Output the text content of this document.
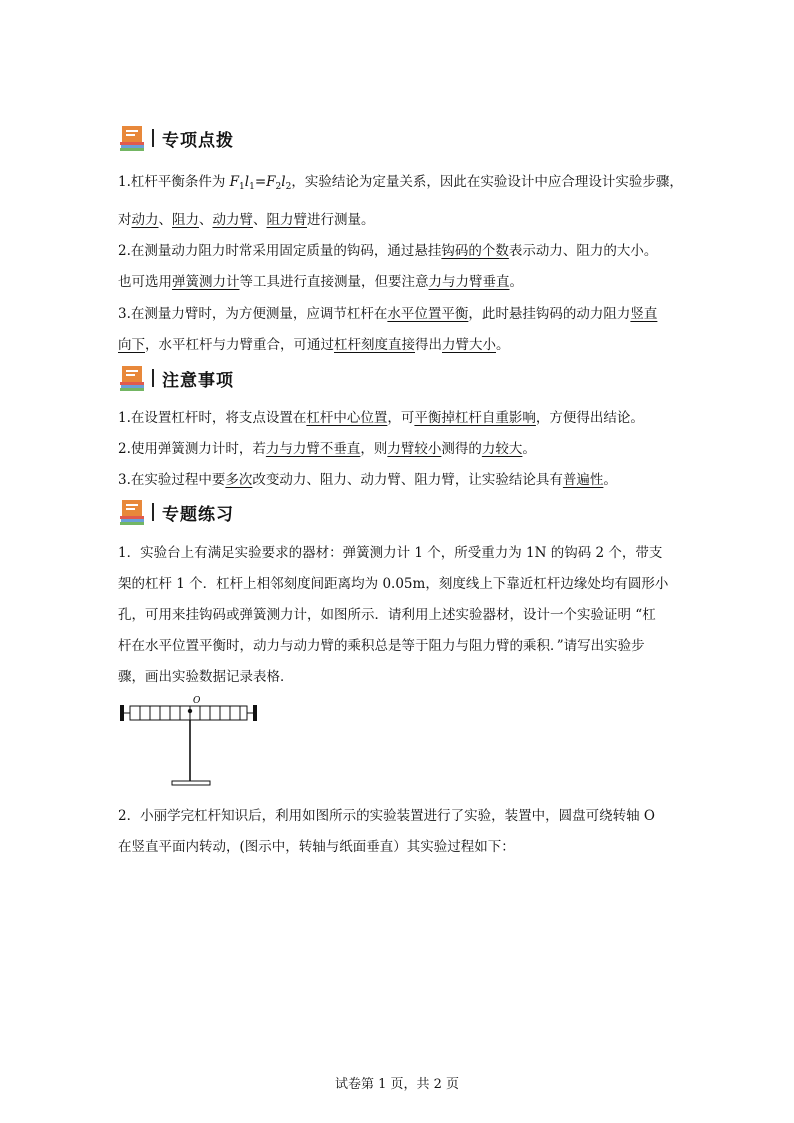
专项点拨
1.杠杆平衡条件为 $F_1l_1=F_2l_2$，实验结论为定量关系，因此在实验设计中应合理设计实验步骤，
对动力、阻力、动力臂、阻力臂进行测量。
2.在测量动力阻力时常采用固定质量的钩码，通过悬挂钩码的个数表示动力、阻力的大小。
也可选用弹簧测力计等工具进行直接测量，但要注意力与力臂垂直。
3.在测量力臂时，为方便测量，应调节杠杆在水平位置平衡，此时悬挂钩码的动力阻力竖直
向下，水平杠杆与力臂重合，可通过杠杆刻度直接得出力臂大小。
注意事项
1.在设置杠杆时，将支点设置在杠杆中心位置，可平衡掉杠杆自重影响，方便得出结论。
2.使用弹簧测力计时，若力与力臂不垂直，则力臂较小测得的力较大。
3.在实验过程中要多次改变动力、阻力、动力臂、阻力臂，让实验结论具有普遍性。
专题练习
1．实验台上有满足实验要求的器材：弹簧测力计 1 个，所受重力为 1N 的钩码 2 个，带支
架的杠杆 1 个．杠杆上相邻刻度间距离均为 0.05m，刻度线上下靠近杠杆边缘处均有圆形小
孔，可用来挂钩码或弹簧测力计，如图所示．请利用上述实验器材，设计一个实验证明 “杠
杆在水平位置平衡时，动力与动力臂的乘积总是等于阻力与阻力臂的乘积．”请写出实验步
骤，画出实验数据记录表格．
O
2．小丽学完杠杆知识后，利用如图所示的实验装置进行了实验，装置中，圆盘可绕转轴 O
在竖直平面内转动，(图示中，转轴与纸面垂直）其实验过程如下：
试卷第 1 页，共 2 页
